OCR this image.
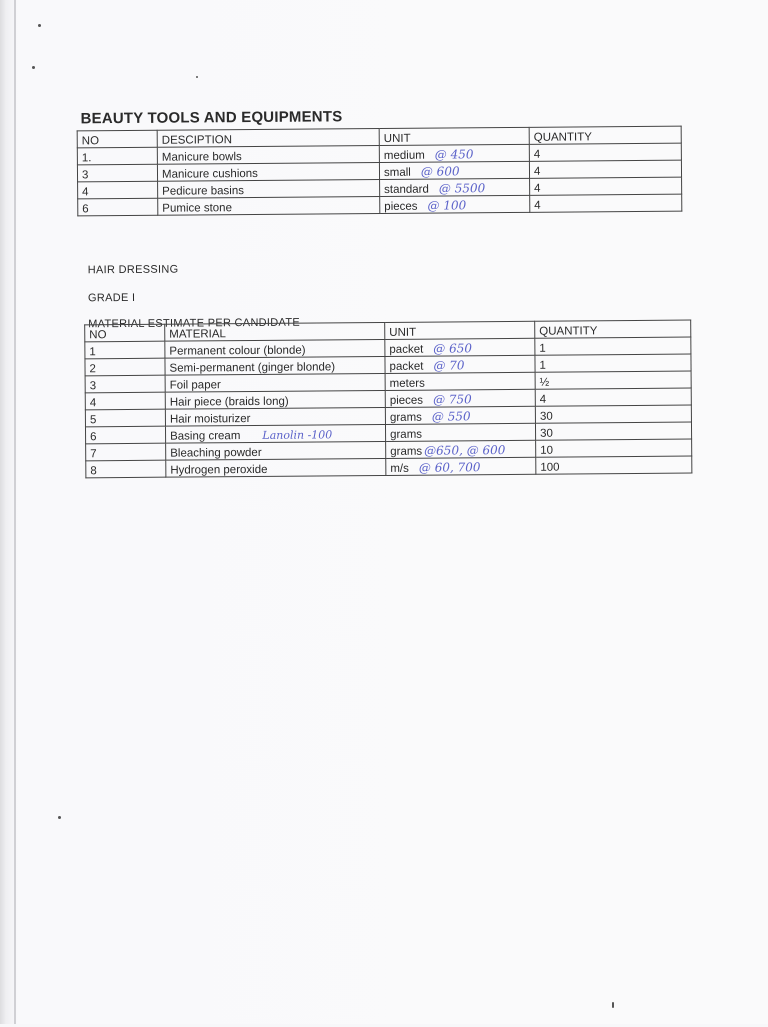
BEAUTY TOOLS AND EQUIPMENTS
NO	DESCIPTION	UNIT	QUANTITY
1.	Manicure bowls	medium @ 450	4
3	Manicure cushions	small @ 600	4
4	Pedicure basins	standard @ 5500	4
6	Pumice stone	pieces @ 100	4
HAIR DRESSING
GRADE I
MATERIAL ESTIMATE PER CANDIDATE
NO	MATERIAL	UNIT	QUANTITY
1	Permanent colour (blonde)	packet @ 650	1
2	Semi-permanent (ginger blonde)	packet @ 70	1
3	Foil paper	meters	½
4	Hair piece (braids long)	pieces @ 750	4
5	Hair moisturizer	grams @ 550	30
6	Basing cream Lanolin -100	grams	30
7	Bleaching powder	grams @650, @ 600	10
8	Hydrogen peroxide	m/s @ 60, 700	100
